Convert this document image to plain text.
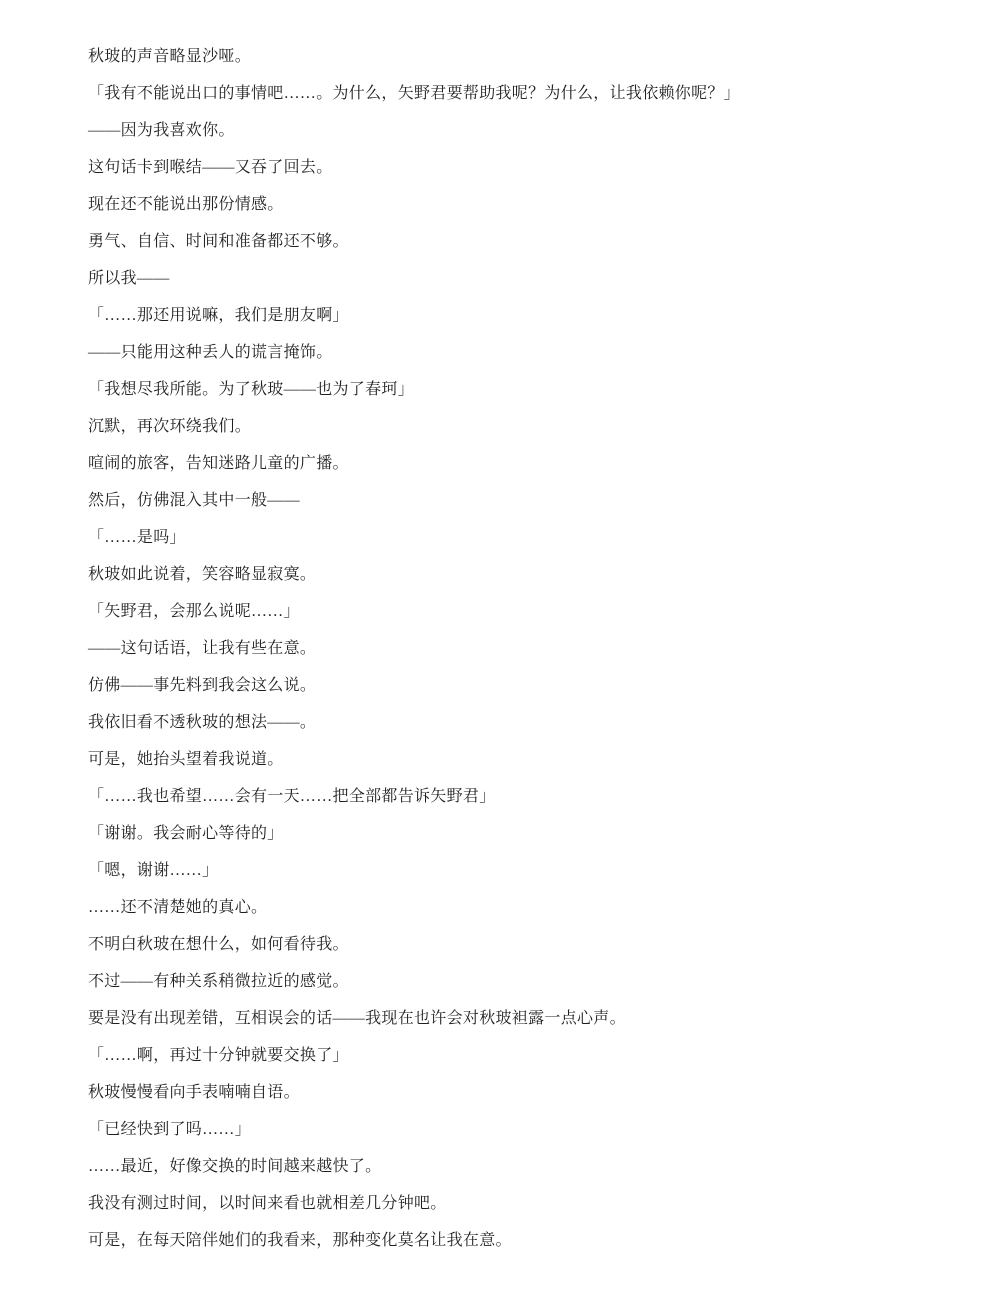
秋玻的声音略显沙哑。

「我有不能说出口的事情吧……。为什么，矢野君要帮助我呢？为什么，让我依赖你呢？」

——因为我喜欢你。

这句话卡到喉结——又吞了回去。

现在还不能说出那份情感。

勇气、自信、时间和准备都还不够。

所以我——

「……那还用说嘛，我们是朋友啊」

——只能用这种丢人的谎言掩饰。

「我想尽我所能。为了秋玻——也为了春珂」

沉默，再次环绕我们。

喧闹的旅客，告知迷路儿童的广播。

然后，仿佛混入其中一般——

「……是吗」

秋玻如此说着，笑容略显寂寞。

「矢野君，会那么说呢……」

——这句话语，让我有些在意。

仿佛——事先料到我会这么说。

我依旧看不透秋玻的想法——。

可是，她抬头望着我说道。

「……我也希望……会有一天……把全部都告诉矢野君」

「谢谢。我会耐心等待的」

「嗯，谢谢……」

……还不清楚她的真心。

不明白秋玻在想什么，如何看待我。

不过——有种关系稍微拉近的感觉。

要是没有出现差错，互相误会的话——我现在也许会对秋玻袒露一点心声。

「……啊，再过十分钟就要交换了」

秋玻慢慢看向手表喃喃自语。

「已经快到了吗……」

……最近，好像交换的时间越来越快了。

我没有测过时间，以时间来看也就相差几分钟吧。

可是，在每天陪伴她们的我看来，那种变化莫名让我在意。
